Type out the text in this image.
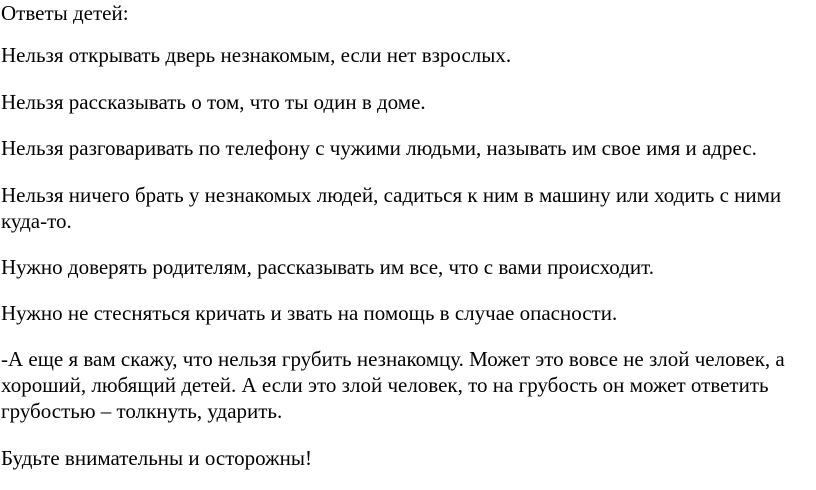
Ответы детей:
Нельзя открывать дверь незнакомым, если нет взрослых.
Нельзя рассказывать о том, что ты один в доме.
Нельзя разговаривать по телефону с чужими людьми, называть им свое имя и адрес.
Нельзя ничего брать у незнакомых людей, садиться к ним в машину или ходить с ними
куда-то.
Нужно доверять родителям, рассказывать им все, что с вами происходит.
Нужно не стесняться кричать и звать на помощь в случае опасности.
-А еще я вам скажу, что нельзя грубить незнакомцу. Может это вовсе не злой человек, а
хороший, любящий детей. А если это злой человек, то на грубость он может ответить
грубостью – толкнуть, ударить.
Будьте внимательны и осторожны!
